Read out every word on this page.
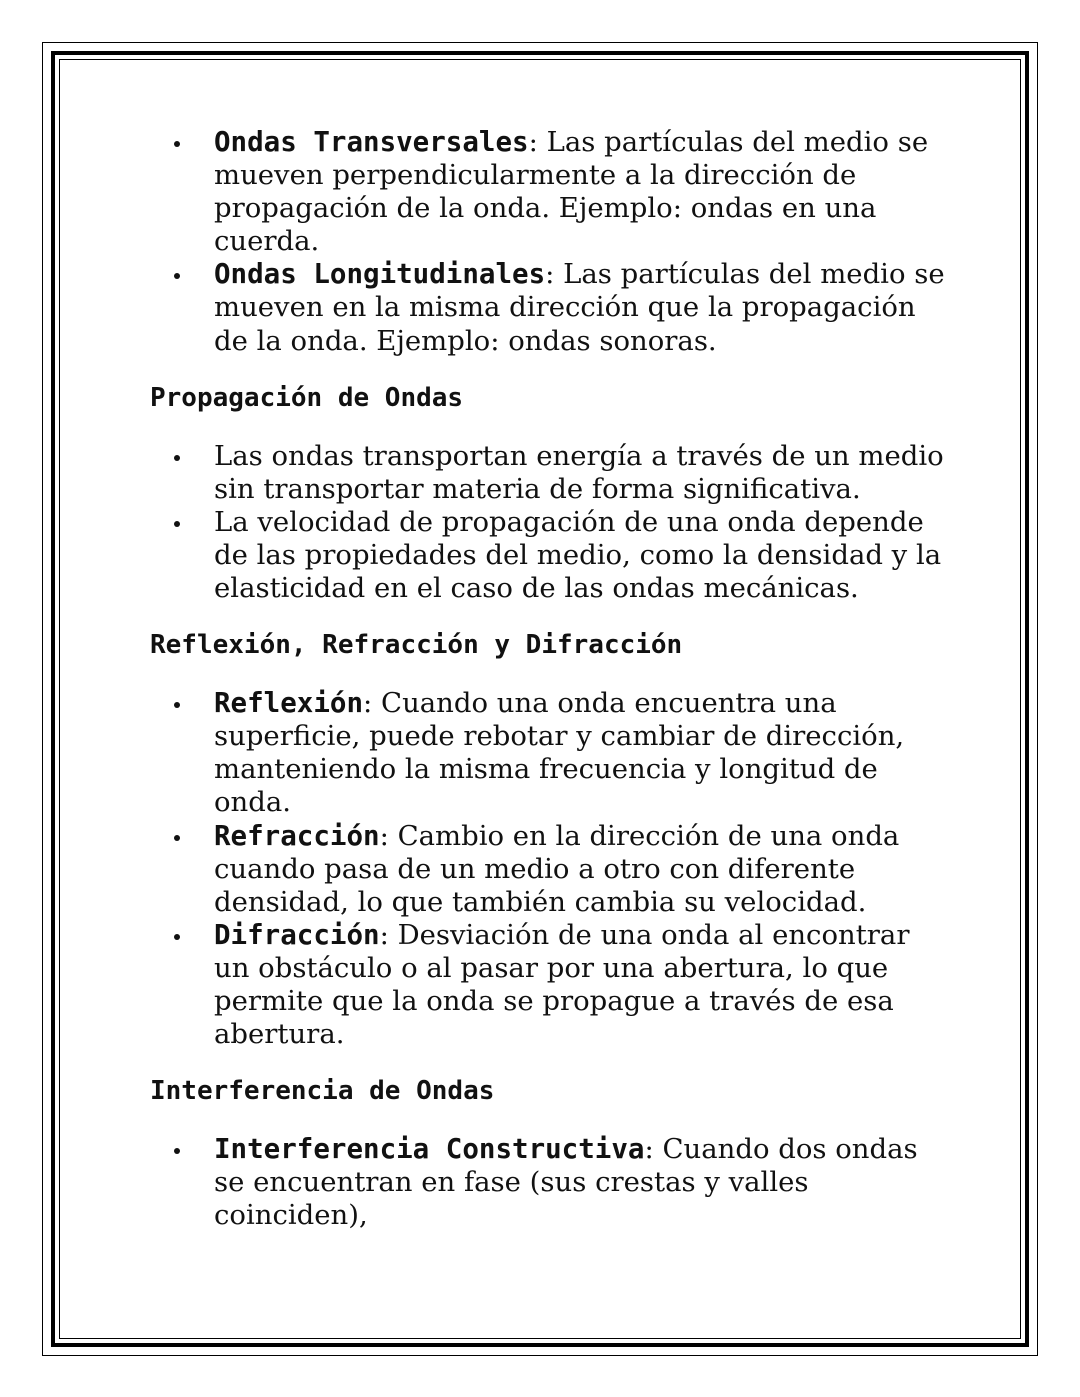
Ondas Transversales: Las partículas del medio se mueven perpendicularmente a la dirección de propagación de la onda. Ejemplo: ondas en una cuerda.
Ondas Longitudinales: Las partículas del medio se mueven en la misma dirección que la propagación de la onda. Ejemplo: ondas sonoras.
Propagación de Ondas
Las ondas transportan energía a través de un medio sin transportar materia de forma significativa.
La velocidad de propagación de una onda depende de las propiedades del medio, como la densidad y la elasticidad en el caso de las ondas mecánicas.
Reflexión, Refracción y Difracción
Reflexión: Cuando una onda encuentra una superficie, puede rebotar y cambiar de dirección, manteniendo la misma frecuencia y longitud de onda.
Refracción: Cambio en la dirección de una onda cuando pasa de un medio a otro con diferente densidad, lo que también cambia su velocidad.
Difracción: Desviación de una onda al encontrar un obstáculo o al pasar por una abertura, lo que permite que la onda se propague a través de esa abertura.
Interferencia de Ondas
Interferencia Constructiva: Cuando dos ondas se encuentran en fase (sus crestas y valles coinciden),
